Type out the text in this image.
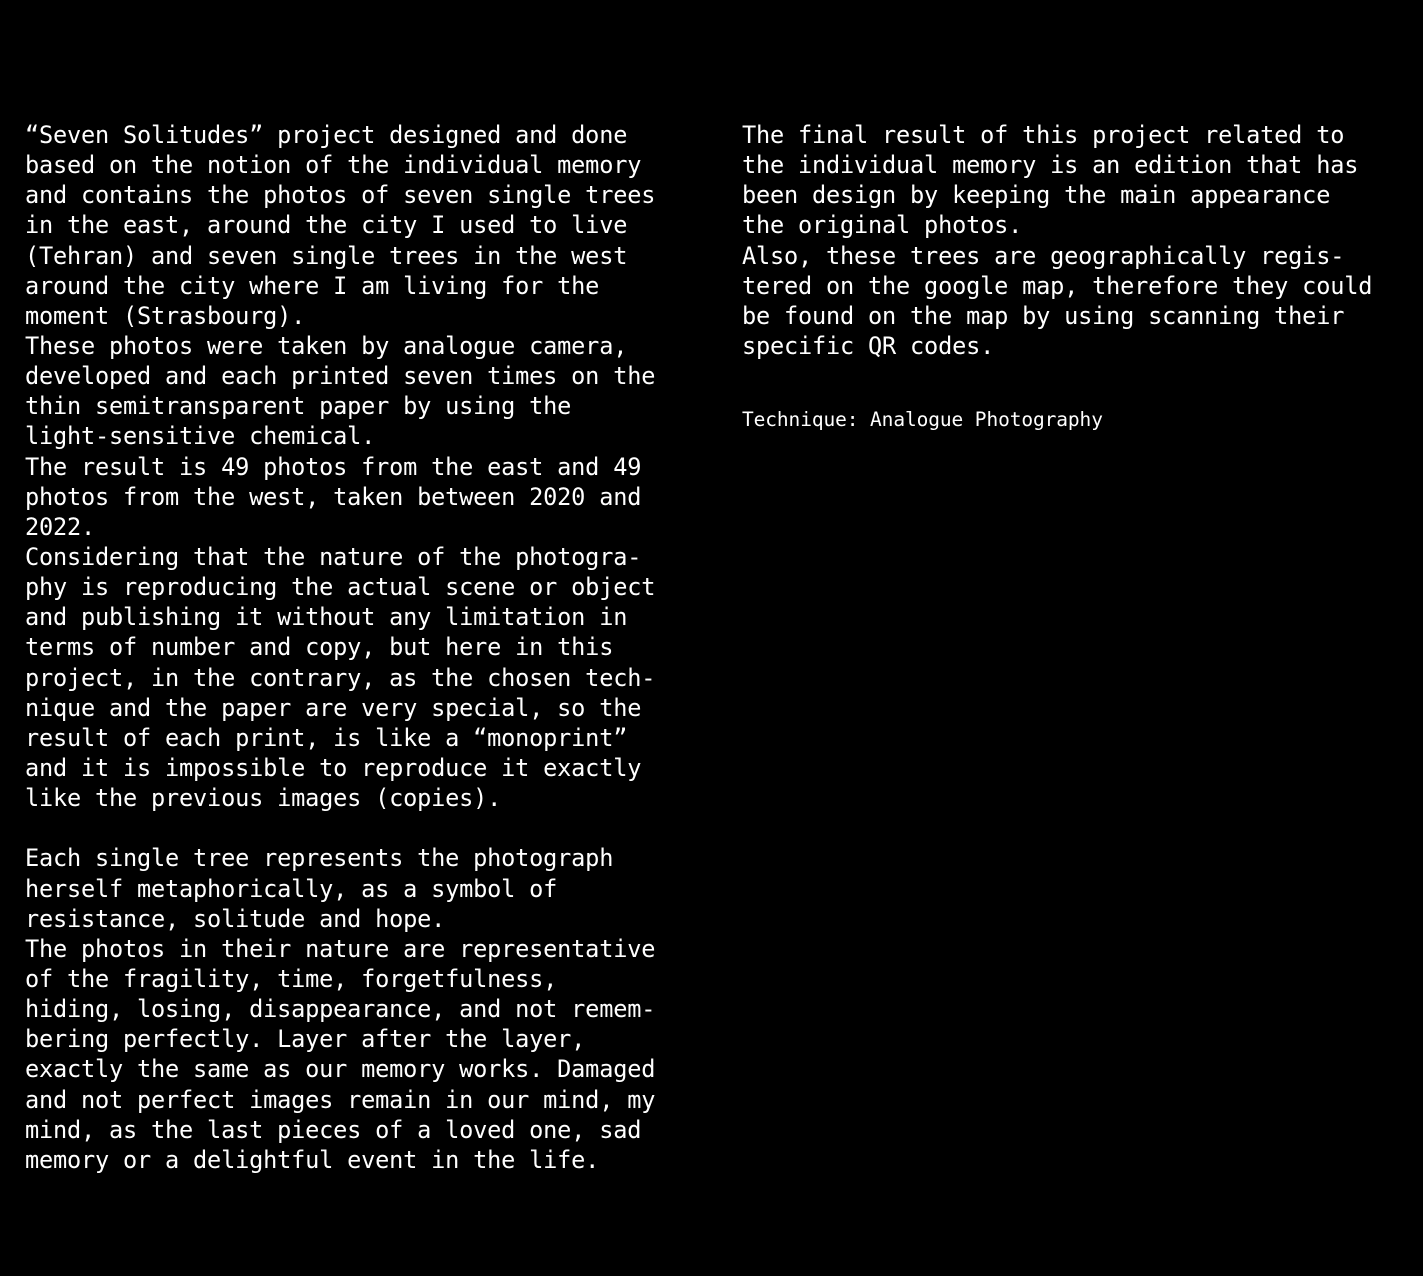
“Seven Solitudes” project designed and done
based on the notion of the individual memory
and contains the photos of seven single trees
in the east, around the city I used to live
(Tehran) and seven single trees in the west
around the city where I am living for the
moment (Strasbourg).
These photos were taken by analogue camera,
developed and each printed seven times on the
thin semitransparent paper by using the
light-sensitive chemical.
The result is 49 photos from the east and 49
photos from the west, taken between 2020 and
2022.
Considering that the nature of the photogra-
phy is reproducing the actual scene or object
and publishing it without any limitation in
terms of number and copy, but here in this
project, in the contrary, as the chosen tech-
nique and the paper are very special, so the
result of each print, is like a “monoprint”
and it is impossible to reproduce it exactly
like the previous images (copies).
Each single tree represents the photograph
herself metaphorically, as a symbol of
resistance, solitude and hope.
The photos in their nature are representative
of the fragility, time, forgetfulness,
hiding, losing, disappearance, and not remem-
bering perfectly. Layer after the layer,
exactly the same as our memory works. Damaged
and not perfect images remain in our mind, my
mind, as the last pieces of a loved one, sad
memory or a delightful event in the life.
The final result of this project related to
the individual memory is an edition that has
been design by keeping the main appearance
the original photos.
Also, these trees are geographically regis-
tered on the google map, therefore they could
be found on the map by using scanning their
specific QR codes.
Technique: Analogue Photography
